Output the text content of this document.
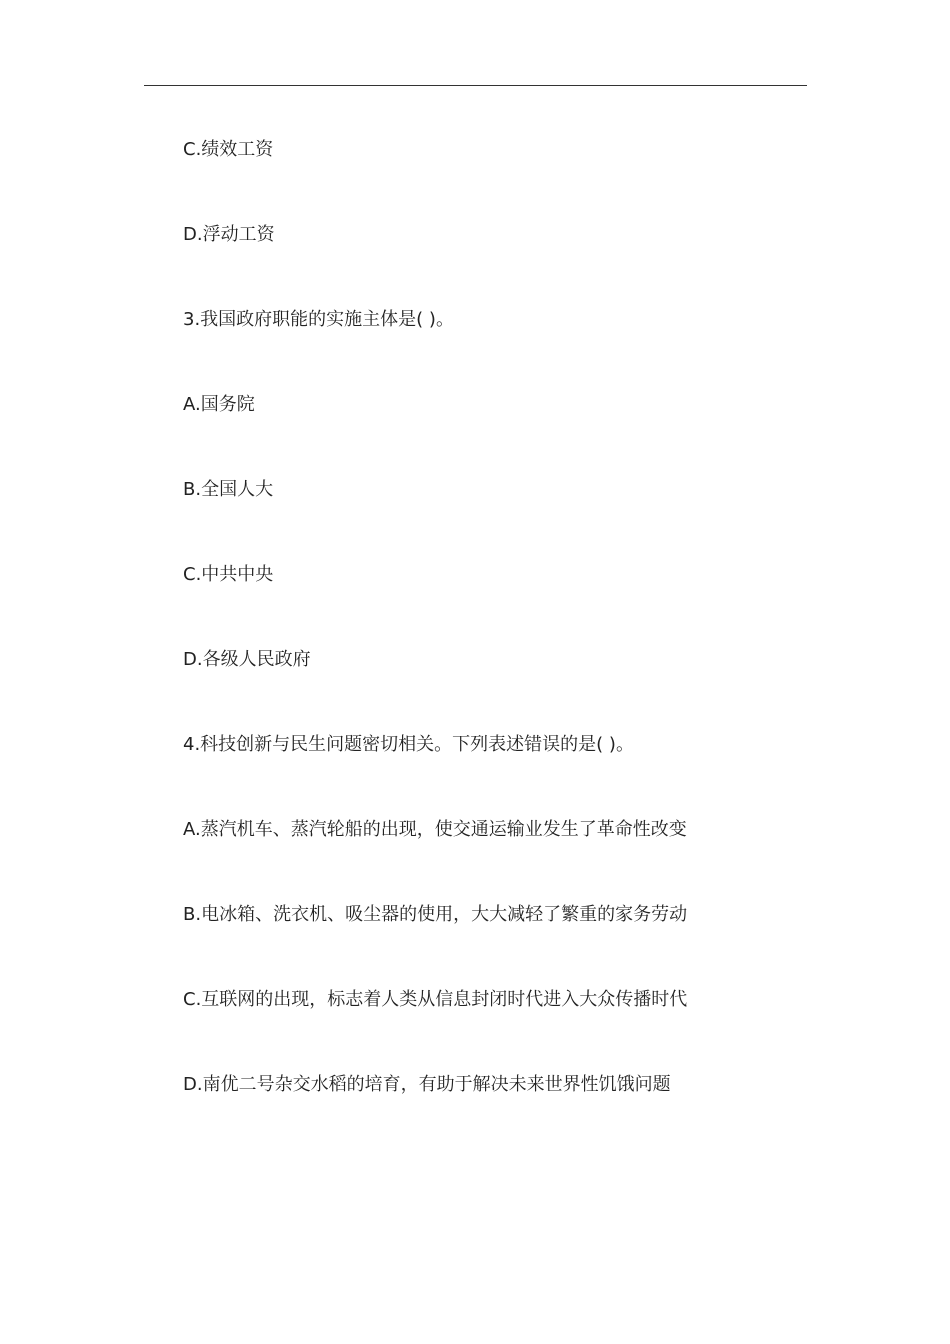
C.绩效工资
D.浮动工资
3.我国政府职能的实施主体是( )。
A.国务院
B.全国人大
C.中共中央
D.各级人民政府
4.科技创新与民生问题密切相关。下列表述错误的是( )。
A.蒸汽机车、蒸汽轮船的出现，使交通运输业发生了革命性改变
B.电冰箱、洗衣机、吸尘器的使用，大大减轻了繁重的家务劳动
C.互联网的出现，标志着人类从信息封闭时代进入大众传播时代
D.南优二号杂交水稻的培育，有助于解决未来世界性饥饿问题
